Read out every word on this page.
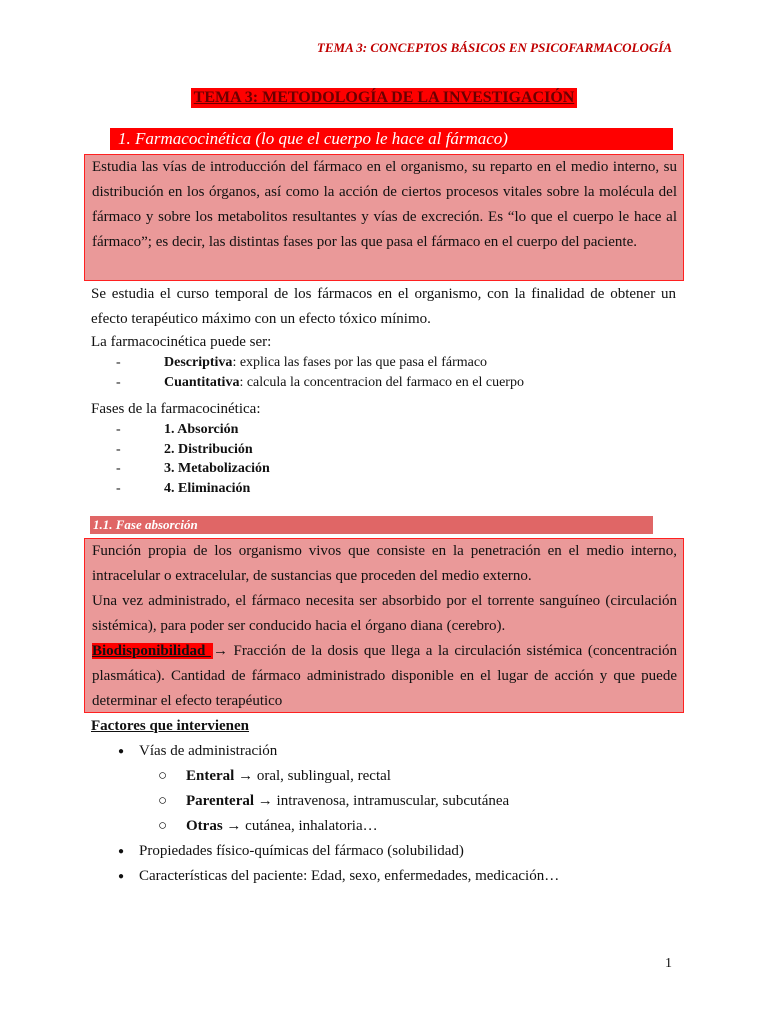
TEMA 3: CONCEPTOS BÁSICOS EN PSICOFARMACOLOGÍA
TEMA 3: METODOLOGÍA DE LA INVESTIGACIÓN
1. Farmacocinética (lo que el cuerpo le hace al fármaco)

Estudia las vías de introducción del fármaco en el organismo, su reparto en el medio interno, su distribución en los órganos, así como la acción de ciertos procesos vitales sobre la molécula del fármaco y sobre los metabolitos resultantes y vías de excreción. Es “lo que el cuerpo le hace al fármaco”; es decir, las distintas fases por las que pasa el fármaco en el cuerpo del paciente.

Se estudia el curso temporal de los fármacos en el organismo, con la finalidad de obtener un efecto terapéutico máximo con un efecto tóxico mínimo.

La farmacocinética puede ser:
-	Descriptiva: explica las fases por las que pasa el fármaco
-	Cuantitativa: calcula la concentracion del farmaco en el cuerpo
Fases de la farmacocinética:
-	1. Absorción
-	2. Distribución
-	3. Metabolización
-	4. Eliminación
1.1. Fase absorción

Función propia de los organismo vivos que consiste en la penetración en el medio interno, intracelular o extracelular, de sustancias que proceden del medio externo.

Una vez administrado, el fármaco necesita ser absorbido por el torrente sanguíneo (circulación sistémica), para poder ser conducido hacia el órgano diana (cerebro).

Biodisponibilidad → Fracción de la dosis que llega a la circulación sistémica (concentración plasmática). Cantidad de fármaco administrado disponible en el lugar de acción y que puede determinar el efecto terapéutico

Factores que intervienen
● Vías de administración
○	Enteral → oral, sublingual, rectal
○	Parenteral → intravenosa, intramuscular, subcutánea
○	Otras → cutánea, inhalatoria…
● Propiedades físico-químicas del fármaco (solubilidad)
● Características del paciente: Edad, sexo, enfermedades, medicación…
1
